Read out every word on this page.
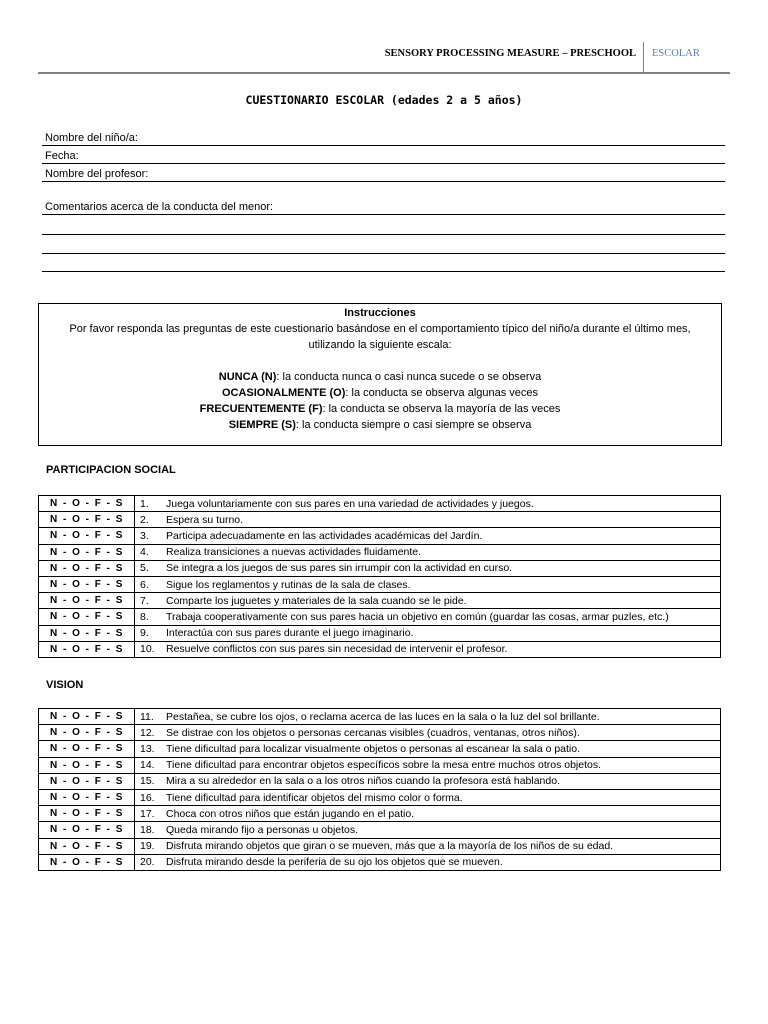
SENSORY PROCESSING MEASURE – PRESCHOOL ESCOLAR
CUESTIONARIO ESCOLAR (edades 2 a 5 años)
Nombre del niño/a:
Fecha:
Nombre del profesor:
Comentarios acerca de la conducta del menor:
Instrucciones
Por favor responda las preguntas de este cuestionario basándose en el comportamiento típico del niño/a durante el último mes,
utilizando la siguiente escala:
NUNCA (N): la conducta nunca o casi nunca sucede o se observa
OCASIONALMENTE (O): la conducta se observa algunas veces
FRECUENTEMENTE (F): la conducta se observa la mayoría de las veces
SIEMPRE (S): la conducta siempre o casi siempre se observa
PARTICIPACION SOCIAL
N - O - F - S	1.	Juega voluntariamente con sus pares en una variedad de actividades y juegos.
N - O - F - S	2.	Espera su turno.
N - O - F - S	3.	Participa adecuadamente en las actividades académicas del Jardín.
N - O - F - S	4.	Realiza transiciones a nuevas actividades fluidamente.
N - O - F - S	5.	Se integra a los juegos de sus pares sin irrumpir con la actividad en curso.
N - O - F - S	6.	Sigue los reglamentos y rutinas de la sala de clases.
N - O - F - S	7.	Comparte los juguetes y materiales de la sala cuando se le pide.
N - O - F - S	8.	Trabaja cooperativamente con sus pares hacia un objetivo en común (guardar las cosas, armar puzles, etc.)
N - O - F - S	9.	Interactúa con sus pares durante el juego imaginario.
N - O - F - S	10.	Resuelve conflictos con sus pares sin necesidad de intervenir el profesor.
VISION
N - O - F - S	11.	Pestañea, se cubre los ojos, o reclama acerca de las luces en la sala o la luz del sol brillante.
N - O - F - S	12.	Se distrae con los objetos o personas cercanas visibles (cuadros, ventanas, otros niños).
N - O - F - S	13.	Tiene dificultad para localizar visualmente objetos o personas al escanear la sala o patio.
N - O - F - S	14.	Tiene dificultad para encontrar objetos específicos sobre la mesa entre muchos otros objetos.
N - O - F - S	15.	Mira a su alrededor en la sala o a los otros niños cuando la profesora está hablando.
N - O - F - S	16.	Tiene dificultad para identificar objetos del mismo color o forma.
N - O - F - S	17.	Choca con otros niños que están jugando en el patio.
N - O - F - S	18.	Queda mirando fijo a personas u objetos.
N - O - F - S	19.	Disfruta mirando objetos que giran o se mueven, más que a la mayoría de los niños de su edad.
N - O - F - S	20.	Disfruta mirando desde la periferia de su ojo los objetos que se mueven.
